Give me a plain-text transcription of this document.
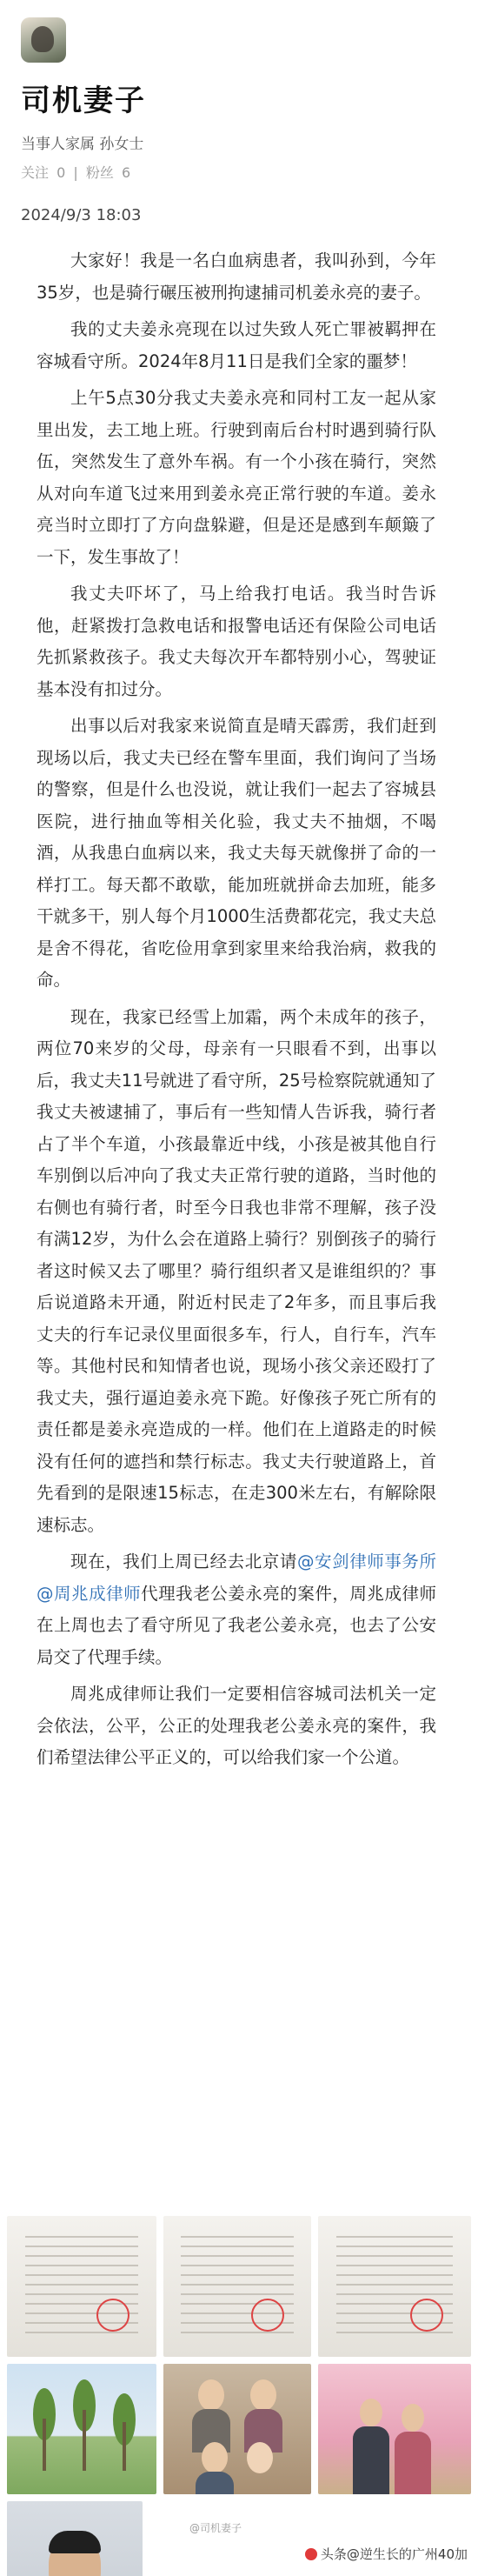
司机妻子
当事人家属 孙女士
关注 0 | 粉丝 6
2024/9/3 18:03

大家好！我是一名白血病患者，我叫孙到，今年35岁，也是骑行碾压被刑拘逮捕司机姜永亮的妻子。

我的丈夫姜永亮现在以过失致人死亡罪被羁押在容城看守所。2024年8月11日是我们全家的噩梦！

上午5点30分我丈夫姜永亮和同村工友一起从家里出发，去工地上班。行驶到南后台村时遇到骑行队伍，突然发生了意外车祸。有一个小孩在骑行，突然从对向车道飞过来用到姜永亮正常行驶的车道。姜永亮当时立即打了方向盘躲避，但是还是感到车颠簸了一下，发生事故了！

我丈夫吓坏了，马上给我打电话。我当时告诉他，赶紧拨打急救电话和报警电话还有保险公司电话先抓紧救孩子。我丈夫每次开车都特别小心，驾驶证基本没有扣过分。

出事以后对我家来说简直是晴天霹雳，我们赶到现场以后，我丈夫已经在警车里面，我们询问了当场的警察，但是什么也没说，就让我们一起去了容城县医院，进行抽血等相关化验，我丈夫不抽烟，不喝酒，从我患白血病以来，我丈夫每天就像拼了命的一样打工。每天都不敢歇，能加班就拼命去加班，能多干就多干，别人每个月1000生活费都花完，我丈夫总是舍不得花，省吃俭用拿到家里来给我治病，救我的命。

现在，我家已经雪上加霜，两个未成年的孩子，两位70来岁的父母，母亲有一只眼看不到，出事以后，我丈夫11号就进了看守所，25号检察院就通知了我丈夫被逮捕了，事后有一些知情人告诉我，骑行者占了半个车道，小孩最靠近中线，小孩是被其他自行车别倒以后冲向了我丈夫正常行驶的道路，当时他的右侧也有骑行者，时至今日我也非常不理解，孩子没有满12岁，为什么会在道路上骑行？别倒孩子的骑行者这时候又去了哪里？骑行组织者又是谁组织的？事后说道路未开通，附近村民走了2年多，而且事后我丈夫的行车记录仪里面很多车，行人，自行车，汽车等。其他村民和知情者也说，现场小孩父亲还殴打了我丈夫，强行逼迫姜永亮下跪。好像孩子死亡所有的责任都是姜永亮造成的一样。他们在上道路走的时候没有任何的遮挡和禁行标志。我丈夫行驶道路上，首先看到的是限速15标志，在走300米左右，有解除限速标志。

现在，我们上周已经去北京请@安剑律师事务所 @周兆成律师代理我老公姜永亮的案件，周兆成律师在上周也去了看守所见了我老公姜永亮，也去了公安局交了代理手续。

周兆成律师让我们一定要相信容城司法机关一定会依法，公平，公正的处理我老公姜永亮的案件，我们希望法律公平正义的，可以给我们家一个公道。

@司机妻子
头条@逆生长的广州40加
